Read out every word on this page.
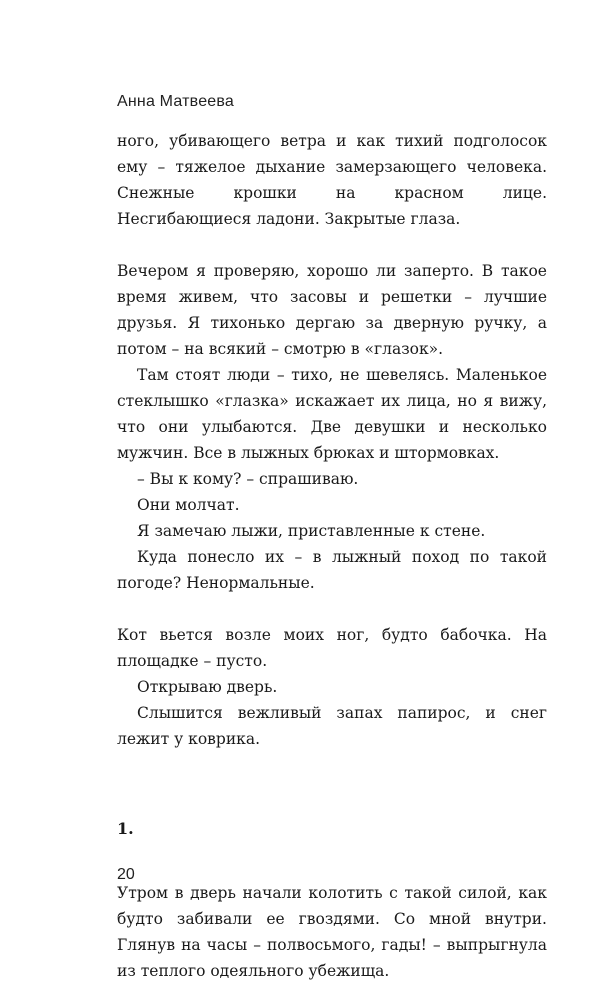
Анна Матвеева

ного, убивающего ветра и как тихий подголосок ему – тяжелое дыхание замерзающего человека. Снежные крошки на красном лице. Несгибающиеся ладони. Закрытые глаза.

Вечером я проверяю, хорошо ли заперто. В такое время живем, что засовы и решетки – лучшие друзья. Я тихонько дергаю за дверную ручку, а потом – на всякий – смотрю в «глазок».

Там стоят люди – тихо, не шевелясь. Маленькое стеклышко «глазка» искажает их лица, но я вижу, что они улыбаются. Две девушки и несколько мужчин. Все в лыжных брюках и штормовках.

– Вы к кому? – спрашиваю.

Они молчат.

Я замечаю лыжи, приставленные к стене.

Куда понесло их – в лыжный поход по такой погоде? Ненормальные.

Кот вьется возле моих ног, будто бабочка. На площадке – пусто.

Открываю дверь.

Слышится вежливый запах папирос, и снег лежит у коврика.

1.

Утром в дверь начали колотить с такой силой, как будто забивали ее гвоздями. Со мной внутри. Глянув на часы – полвосьмого, гады! – выпрыгнула из теплого одеяльного убежища.

20
